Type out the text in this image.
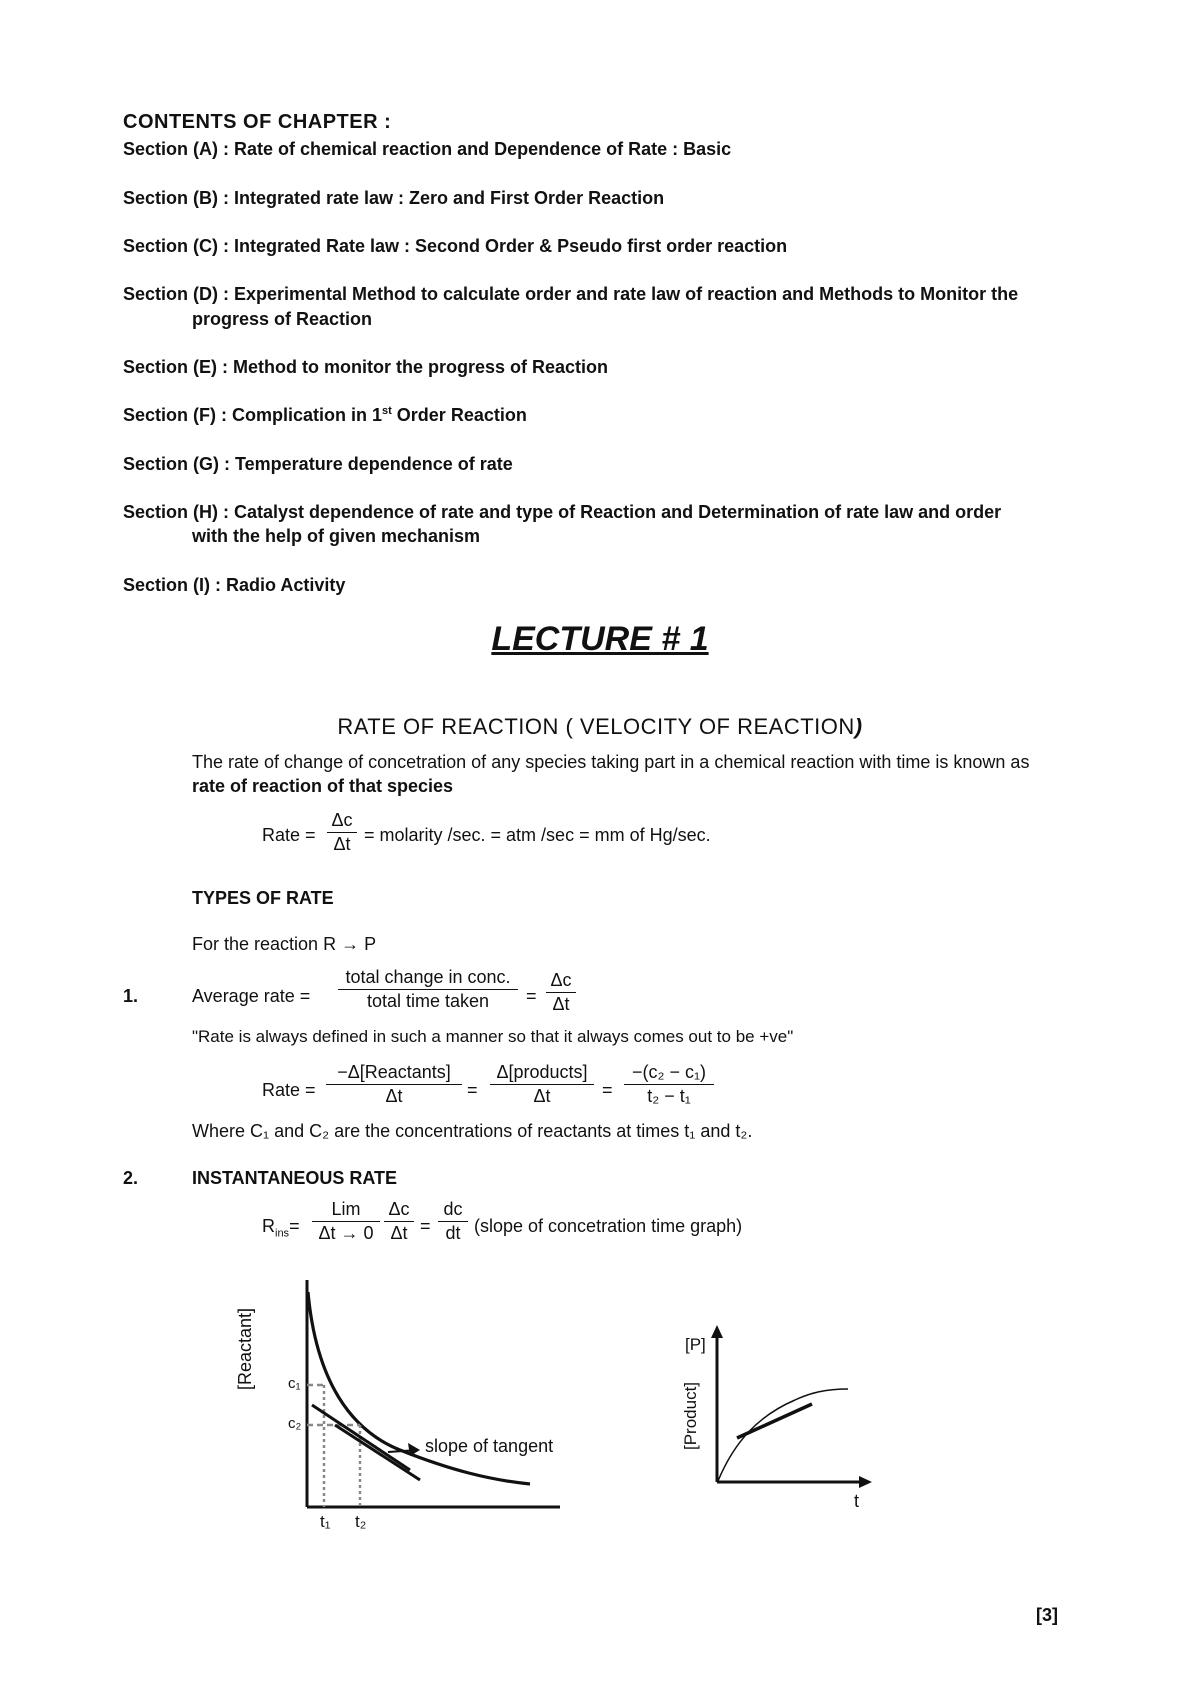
CONTENTS OF CHAPTER :
Section (A) : Rate of chemical reaction and Dependence of Rate : Basic
Section (B) : Integrated rate law : Zero and First Order Reaction
Section (C) : Integrated Rate law : Second Order & Pseudo first order reaction
Section (D) : Experimental Method to calculate order and rate law of reaction and Methods to Monitor the
progress of Reaction
Section (E) : Method to monitor the progress of Reaction
Section (F) : Complication in 1st Order Reaction
Section (G) : Temperature dependence of rate
Section (H) : Catalyst dependence of rate and type of Reaction and Determination of rate law and order
with the help of given mechanism
Section (I) : Radio Activity
LECTURE # 1
RATE OF REACTION ( VELOCITY OF REACTION)
The rate of change of concetration of any species taking part in a chemical reaction with time is known as
rate of reaction of that species
Rate =
Δc
Δt = molarity /sec. = atm /sec = mm of Hg/sec.
TYPES OF RATE
For the reaction R → P
1.	Average rate =
total change in conc.
total time taken	=
Δc
Δt
"Rate is always defined in such a manner so that it always comes out to be +ve"
Rate =
−Δ[Reactants]
Δt	=
Δ[products]
Δt	=
−(c₂ − c₁)
t₂ − t₁
Where C₁ and C₂ are the concentrations of reactants at times t₁ and t₂.
2.	INSTANTANEOUS RATE
$R_{ins}=$
Lim
Δt → 0
Δc
Δt =
dc
dt (slope of concetration time graph)
[Reactant] c₁
c₂
t₁ t₂
slope of tangent
[P]
[Product]
t
[3]
